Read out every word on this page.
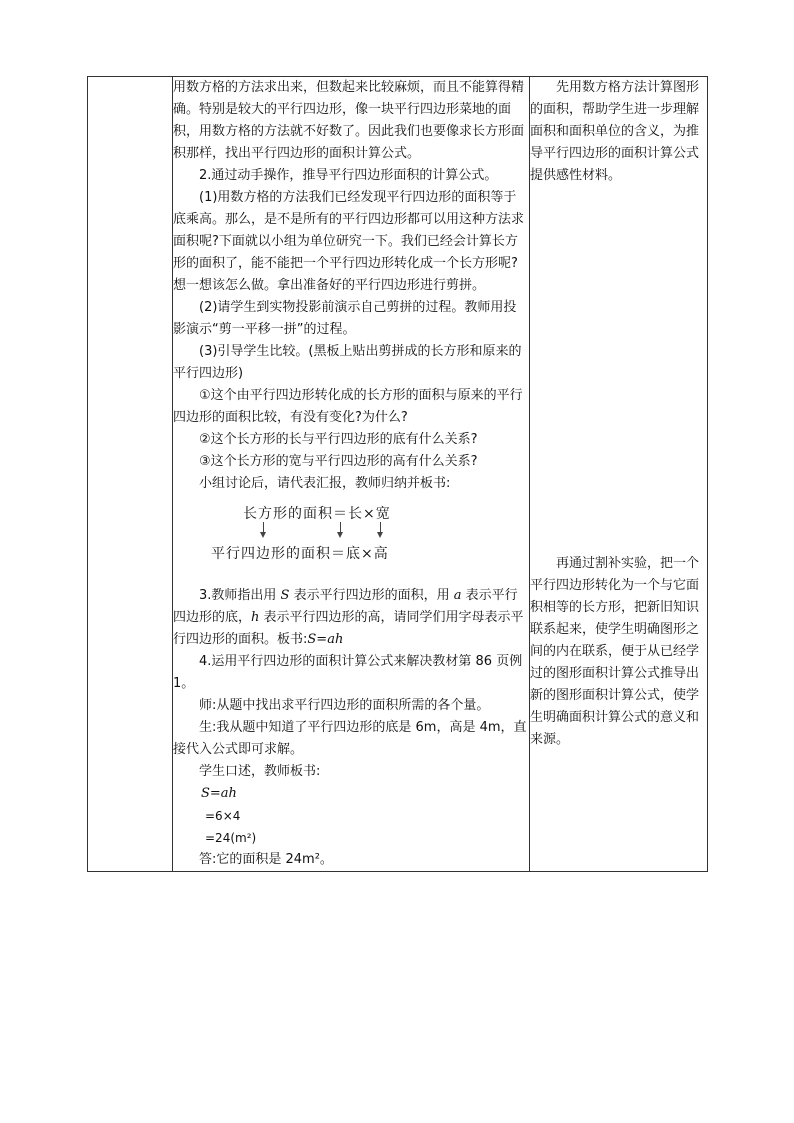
用数方格的方法求出来，但数起来比较麻烦，而且不能算得精确。特别是较大的平行四边形，像一块平行四边形菜地的面积，用数方格的方法就不好数了。因此我们也要像求长方形面积那样，找出平行四边形的面积计算公式。

2.通过动手操作，推导平行四边形面积的计算公式。

(1)用数方格的方法我们已经发现平行四边形的面积等于底乘高。那么，是不是所有的平行四边形都可以用这种方法求面积呢?下面就以小组为单位研究一下。我们已经会计算长方形的面积了，能不能把一个平行四边形转化成一个长方形呢?想一想该怎么做。拿出准备好的平行四边形进行剪拼。

(2)请学生到实物投影前演示自己剪拼的过程。教师用投影演示“剪一平移一拼”的过程。

(3)引导学生比较。(黑板上贴出剪拼成的长方形和原来的平行四边形)

①这个由平行四边形转化成的长方形的面积与原来的平行四边形的面积比较，有没有变化?为什么?

②这个长方形的长与平行四边形的底有什么关系?

③这个长方形的宽与平行四边形的高有什么关系?

小组讨论后，请代表汇报，教师归纳并板书:

长方形的面积＝长×宽
平行四边形的面积＝底×高

3.教师指出用 S 表示平行四边形的面积，用 a 表示平行四边形的底，h 表示平行四边形的高，请同学们用字母表示平行四边形的面积。板书:S=ah

4.运用平行四边形的面积计算公式来解决教材第 86 页例 1。

师:从题中找出求平行四边形的面积所需的各个量。

生:我从题中知道了平行四边形的底是 6m，高是 4m，直接代入公式即可求解。

学生口述，教师板书:

S=ah

=6×4

=24(m²)

答:它的面积是 24m²。

先用数方格方法计算图形的面积，帮助学生进一步理解面积和面积单位的含义，为推导平行四边形的面积计算公式提供感性材料。

再通过割补实验，把一个平行四边形转化为一个与它面积相等的长方形，把新旧知识联系起来，使学生明确图形之间的内在联系，便于从已经学过的图形面积计算公式推导出新的图形面积计算公式，使学生明确面积计算公式的意义和来源。
